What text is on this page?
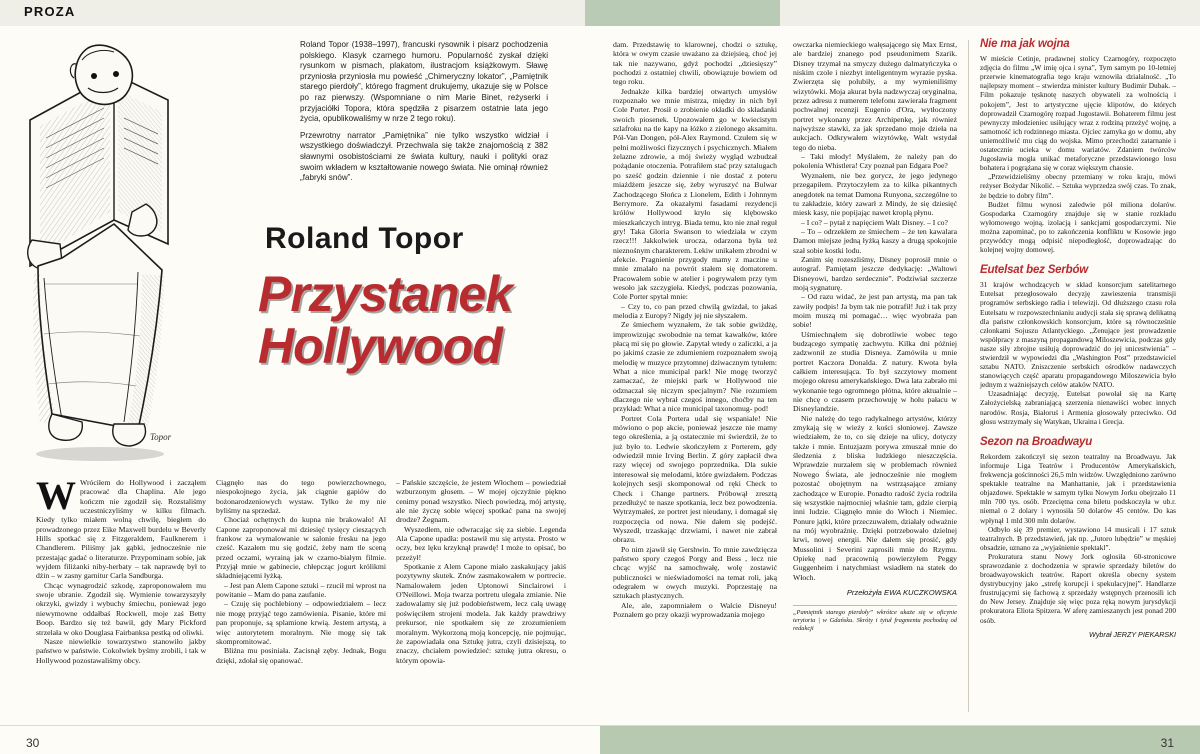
PROZA
Topor

Roland Topor (1938–1997), francuski rysownik i pisarz pochodzenia polskiego. Klasyk czarnego humoru. Popularność zyskał dzięki rysunkom w pismach, plakatom, ilustracjom książkowym. Sławę przyniosła przyniosła mu powieść „Chimeryczny lokator”, „Pamiętnik starego pierdoły”, którego fragment drukujemy, ukazuje się w Polsce po raz pierwszy. (Wspomniane o nim Marie Binet, reżyserki i przyjaciółki Topora, która spędziła z pisarzem ostatnie lata jego życia, opublikowaliśmy w nrze 2 tego roku).

Przewrotny narrator „Pamiętnika” nie tylko wszystko widział i wszystkiego doświadczył. Przechwala się także znajomością z 382 sławnymi osobistościami ze świata kultury, nauki i polityki oraz swoim wkładem w kształtowanie nowego świata. Nie ominął również „fabryki snów”.

Roland Topor
Przystanek
Hollywood

W Wróciłem do Hollywood i zacząłem pracować dla Chaplina. Ale jego kończm nie zgodził się. Rozstaliśmy uczestniczyliśmy w kilku filmach. Kiedy tylko miałem wolną chwilę, biegłem do prowadzonego przez Eike Maxwell burdelu w Beverly Hills spotkać się z Fitzgeraldem, Faulknerem i Chandlerem. Piliśmy jak gąbki, jednocześnie nie przestając gadać o literaturze. Przypominam sobie, jak wyjdem filiżanki niby-herbaty – tak naprawdę był to dżin – w zasny garnitur Carla Sandburga.

Chcąc wynagrodzić szkodę, zaproponowałem mu swoje ubranie. Zgodził się. Wymienie towarzyszyły okrzyki, gwizdy i wybuchy śmiechu, ponieważ jego niewymowne oddałbaś Rockwell, moje zaś Betty Boop. Bardzo się też bawił, gdy Mary Pickford strzelała w oko Douglasa Fairbanksa pestką od oliwki.

Nasze niewielkie towarzystwo stanowiło jakby państwo w państwie. Cokolwiek byśmy zrobili, i tak w Hollywood pozostawaliśmy obcy.

Ciągnęło nas do tego powierzchownego, niespokojnego życia, jak ciągnie gapiów do bożonarodzeniowych wystaw. Tylko że my nie byliśmy na sprzedaż.

Chociaż ochętnych do kupna nie brakowało! Al Capone zaproponował mi dziesięć tysięcy cieszących frankow za wymalowanie w salonie fresku na jego cześć. Kazałem mu się godzić, żeby nam tle sceną przed oczami, wyrainą jak w czarno-białym filmie. Przyjął mnie w gabinecie, chłepcząc jogurt królikmi składniejącemi łyżką.

– Jest pan Alem Capone sztuki – rzucił mi wprost na powitanie – Mam do pana zaufanie.

– Czuję się pochlebiony – odpowiedziałem – lecz nie mogę przyjąć tego zamówienia. Pisanie, które mi pan proponuje, są splamione krwią. Jestem artystą, a więc autorytetem moralnym. Nie mogę się tak skompromitować.

Bliźna mu posiniała. Zacisnął zęby. Jednak, Bogu dzięki, zdołał się opanować.

– Pańskie szczęście, że jestem Włochem – powiedział wzburzonym głosem. – W mojej ojczyźnie piękno cenimy ponad wszystko. Niech powiedzą, mój artystę, ale nie życzę sobie więcej spotkać pana na swojej drodze? Żegnam.

Wyszedłem, nie odwracając się za siebie. Legenda Ala Capone upadła: postawił mu się artysta. Prosto w oczy, bez lęku krzyknął prawdę! I może to opisać, bo przeżył!

Spotkanie z Alem Capone miało zaskakujący jakiś pozytywny skutek. Znów zasmakowałem w portrecie. Namalowałem jeden Uptonowi Sinclairowi i O'Neillowi. Moja twarza portretu ulegała zmianie. Nie zadowalamy się już podobieństwem, lecz całą uwagę poświęciłem strojeni modela. Jak każdy prawdziwy prekursor, nie spotkałem się ze zrozumieniem moralnym. Wykorzoną moją koncepcję, nie pojmując, że zapowiadała ona Sztukę jutra, czyli dzisiejszą, to znaczy, chciałem powiedzieć: sztukę jutra okresu, o którym opowia-

dam. Przedstawię to klarownej, chodzi o sztukę, która w owym czasie uważano za dziejsieą, choć jej tak nie nazywano, gdyż pochodzi „dziesięszy” pochodzi z ostatniej chwili, obowiązuje bowiem od tego roku.

Jednakże kilka bardziej otwartych umysłów rozpoznało we mnie mistrza, między in nich był Cole Porter. Prosił o zrobienie okładki do składanki swoich piosenek. Upozowałem go w kwiecistym szlafroku na tle kapy na łóżko z zielonego aksamitu. Pół-Van Dongen, pół-Alex Raymond. Czułem się w pełni możliwości fizycznych i psychicznych. Miałem żelazne zdrowie, a mój świeży wygląd wzbudzał pożądanie otoczenia. Potrafiłem stać przy sztalugach po sześć godzin dziennie i nie dostać z poteru miażdżem jeszcze się, żeby wyruszyć na Bulwar Zachodzącego Słońca z Lionelem, Edith i Johnnym Berrymore. Za okazałymi fasadami rezydencji królów Hollywood kryło się klębowsko mieszkańczych intryg. Biada temu, kto nie znał reguł gry! Taka Gloria Swanson to wiedziała w czym rzecz!!! Jakkolwiek urocza, odarzona była też nieznośnym charakterem. Lekiw unikałem zbrodni w afekcie. Pragnienie przygody mamy z maczine u mnie zmalało na powrót stałem się domatorem. Pracowałem sobie w atelier i pogrywałem przy tym wesoło jak szczygieła. Kiedyś, podczas pozowania, Cole Porter spytał mnie:

– Czy to, co pan przed chwilą gwizdał, to jakaś melodia z Europy? Nigdy jej nie słyszałem.

Ze śmiechem wyznałem, że tak sobie gwiżdżę, improwizując swobodnie na temat kawałków, które płacą mi się po głowie. Zapytał wtedy o zaliczki, a ja po jakimś czasie ze zdumieniem rozpoznałem swoją melodię w muzyce przytomnej dziwacznym tytułem: What a nice municipal park! Nie mogę tworzyć zamaczać, że miejski park w Hollywood nie odznaczał się niczym specjalnym? Nie rozumiem dlaczego nie wybrał czegoś innego, choćby na ten przykład: What a nice municipal taxonomug- pod!

Portret Cola Portera udał się wspaniale! Nie mówiono o pop akcie, ponieważ jeszcze nie mamy tego określenia, a ją ostatecznie mi świerdził, że to już było to. Ledwie skończyłem z Porterem, gdy odwiedził mnie Irving Berlin. Z góry zapłacił dwa razy więcej od swojego poprzednika. Dla sukie interesował się melodami, które gwizdałem. Podczas kolejnych sesji skomponował od ręki Check to Check i Change partners. Próbowął zresztą przedłużyć te nasze spotkania, lecz bez powodzenia. Wytrzymałeś, ze portret jest nieudany, i domagał się rozpoczęcia od nowa. Nie dałem się podejść. Wyszedł, trzaskając drzwiami, i nawet nie zabrał obrazu.

Po nim zjawił się Gershwin. To mnie zawdzięcza państwo spory czegoś Porgy and Bess , lecz nie chcąc wyjść na samochwałę, wolę zostawić publiczności w nieświadomości na temat roli, jaką odegrałem w owych muzyki. Poprzestaję na sztukach plastycznych.

Ale, ale, zapomniałem o Walcie Disneyu! Poznałem go przy okazji wyprowadzania mojego

owczarka niemieckiego wałęsającego się Max Ernst, ale bardziej znanego pod pseudonimem Szarik. Disney trzymał na smyczy dużego dalmatyńczyka o niskim czole i niezbyt inteligentnym wyrazie pyska. Zwierzęta się polubiły, a my wymieniliśmy wizytówki. Moja akurat była nadzwyczaj oryginalna, przez adresu z numerem telefonu zawierała fragment pochwalnej recenzji Eugenio d'Ora, wytłoczony portret wykonany przez Archipenkę, jak również najwyższe stawki, za jak sprzedano moje dzieła na aukcjach. Odkrywałem wizytówkę, Walt wstydał tego do nieba.

– Taki młody! Myślałem, że należy pan do pokolenia Whistlera! Czy poznał pan Edgara Poe?

Wyznałem, nie bez gorycz, że jego jedynego przegapiłem. Przytoczyłem za to kilka pikantnych anegdotek na temat Damona Runyona, szczególne to tu zakładzie, który zawarł z Mindy, że się dziesięć miesk kasy, nie popijając nawet kroplą płynu.

– I co? – pytał z napięciem Walt Disney. – I co?

– To – odrzekłem ze śmiechem – że ten kawalara Damon miejsze jedną łyżką kaszy a drugą spokojnie szał sobie kostki lodu.

Zanim się rozeszliśmy, Disney poprosił mnie o autograf. Pamiętam jeszcze dedykację: „Waltowi Disneyowi, bardzo serdecznie”. Podziwiał szczerze moją sygnaturę.

– Od razu widać, że jest pan artystą, ma pan tak zawiły podpis! Ja bym tak nie potrafił! Już i tak przy moim muszą mi pomagać… więc wyobraża pan sobie!

Uśmiechnąłem się dobrotliwie wobec tego budzącego sympatię zachwytu. Kilka dni później zadzwonił ze studia Disneya. Zamówiła u mnie portret Kaczora Donalda. Z natury. Kwota była całkiem interesująca. To był szczytowy moment mojego okresu amerykańskiego. Dwa lata zabrało mi wykonanie tego ogromnego płótna, które aktualnie – nie chcę o czasem przechowuję w holu pałacu w Disneylandzie.

Nie należę do tego radykalnego artystów, którzy zmykają się w wieży z kości słoniowej. Zawsze wiedziałem, że to, co się dzieje na ulicy, dotyczy także i mnie. Entuzjazm porywa zmuszał mnie do śledzenia z bliska ludzkiego nieszczęścia. Wprawdzie nurzałem się w problemach również Nowego Świata, ale jednocześnie nie mogłem pozostać obojętnym na wstrząsające zmiany zachodzące w Europie. Ponadto radość życia rodziła się wszystkie najmocniej właśnie tam, gdzie cierpią inni ludzie. Ciągnęło mnie do Włoch i Niemiec. Ponure jątki, które przeczuwałem, działały odważnie na mój wyobraźnię. Dzięki potrzebowało dzielnej krwi, nowej energii. Nie dałem się prosić, gdy Mussolini i Severini zaprosili mnie do Rzymu. Opiekę nad pracownią powierzyłem Peggy Guggenheim i natychmiast wsiadłem na statek do Włoch.

Przełożyła EWA KUCZKOWSKA
„Pamiętnik starego pierdoły” wkrótce ukaże się w oficynie terytoria | w Gdańsku. Skróty i tytuł fragmentu pochodzą od redakcji
Nie ma jak wojna

W mieście Cetinje, pradawnej stolicy Czarnogóry, rozpoczęto zdjęcia do filmu „W imię ojca i syna”, Tym samym po 10-letniej przerwie kinematografia tego kraju wznowiła działalność. „To najlepszy moment – stwierdza minister kultury Budimir Dubak. – Film pokazuje tęsknotę naszych obywateli za wolnością i pokojem”, Jest to artystyczne ujęcie klipotów, do których doprowadził Czarnogórę rozpad Jugostawii. Bohaterem filmu jest pewnyczy młodzieniec usiłujący wraz z rodziną przeżyć wojnę, a samotność ich rodzinnego miasta. Ojciec zamyka go w domu, aby uniemożliwić mu ciąg do wojska. Mimo przechodzi zatarnanie i ostatecznie ucieka w domu wariatów. Zdaniem twórców Jugosławia mogła unikać metaforyczne przedstawionego losu bohatera i pogrążana się w coraz większym chaosie.

„Przewidzieliśmy obecny przemiany w roku kraju, mówi reżyser Bożydar Nikolić. – Sztuka wyprzedza swój czas. To znak, że będzie to dobry film”.

Budżet filmu wynosi zaledwie pół miliona dolarów. Gospodarka Czarnogóry znajduje się w stanie rozkładu wyłomowego wojną, izolacją i sankcjami gospodarczymi. Nie można zapominać, po to zakończenia konfliktu w Kosowie jego przywódcy mogą odpisić niepodległość, doprowadzając do kolejnej wojny domowej.

Eutelsat bez Serbów

31 krajów wchodzących w skład konsorcjum satelitarnego Eutelsat przegłosowało decyzję zawieszenia transmisji programów serbskiego radia i telewizji. Od dłuższego czasu rola Eutelsatu w rozpowszechnianiu audycji stała się sprawą delikatną dla państw członkowskich konsorcjum, które są równocześnie członkami Sojuszu Atlantyckiego. „Żenujące jest prowadzenie współpracy z maszyną propagandową Miloszewicia, podczas gdy nasze siły zbrojne usiłują doprowadzić do jej unicestwienia” – stwierdził w wypowiedzi dla „Washington Post” przedstawiciel sztabu NATO. Zniszczenie serbskich ośrodków nadawczych stanowiących część aparatu propagandowego Miloszewicia było jednym z ważniejszych celów ataków NATO.

Uzasadniając decyzję, Eutelsat powołał się na Kartę Założycielską zabraniającą szerzenia nienawiści wobec innych narodów. Rosja, Białoruś i Armenia głosowały przeciwko. Od głosu wstrzymały się Watykan, Ukraina i Grecja.

Sezon na Broadwayu

Rekordem zakończył się sezon teatralny na Broadwayu. Jak informuje Liga Teatrów i Producentów Amerykańskich, frekwencja gościnności 26,5 mln widzów. Uwzględniono zarówno spektakle teatralne na Manhattanie, jak i przedstawienia objazdowe. Spektakle w samym tylku Nowym Jorku obejrzało 11 mln 700 tys. osób. Przeciętna cena biletu podskoczyła w ub.r. niemal o 2 dolary i wynosiła 50 dolarów 45 centów. Do kas wpłynął 1 mld 300 mln dolarów.

Odbyło się 39 premier, wystawiono 14 musicali i 17 sztuk teatralnych. B przedstawień, jak np. „Jutoro lubędzie” w męskiej obsadzie, uznano za „wyjaśnienie spektakl”.

Prokuratura stanu Nowy Jork ogłosiła 60-stronicowe sprawozdanie z dochodzenia w sprawie sprzedaży biletów do broadwayowskich teatrów. Raport określa obecny system dystrybucyjny jako „strefę korupcji i spekulacyjnej”. Handlarze frustrującymi się fachową z sprzedaży wstępnych przenosili ich do New Jersey. Znajduje się więc poza ręką nowym jurysdykcji prokuratora Eliota Spitzera. W aferę zamieszanych jest ponad 200 osób.

Wybrał JERZY PIEKARSKI
30	31
